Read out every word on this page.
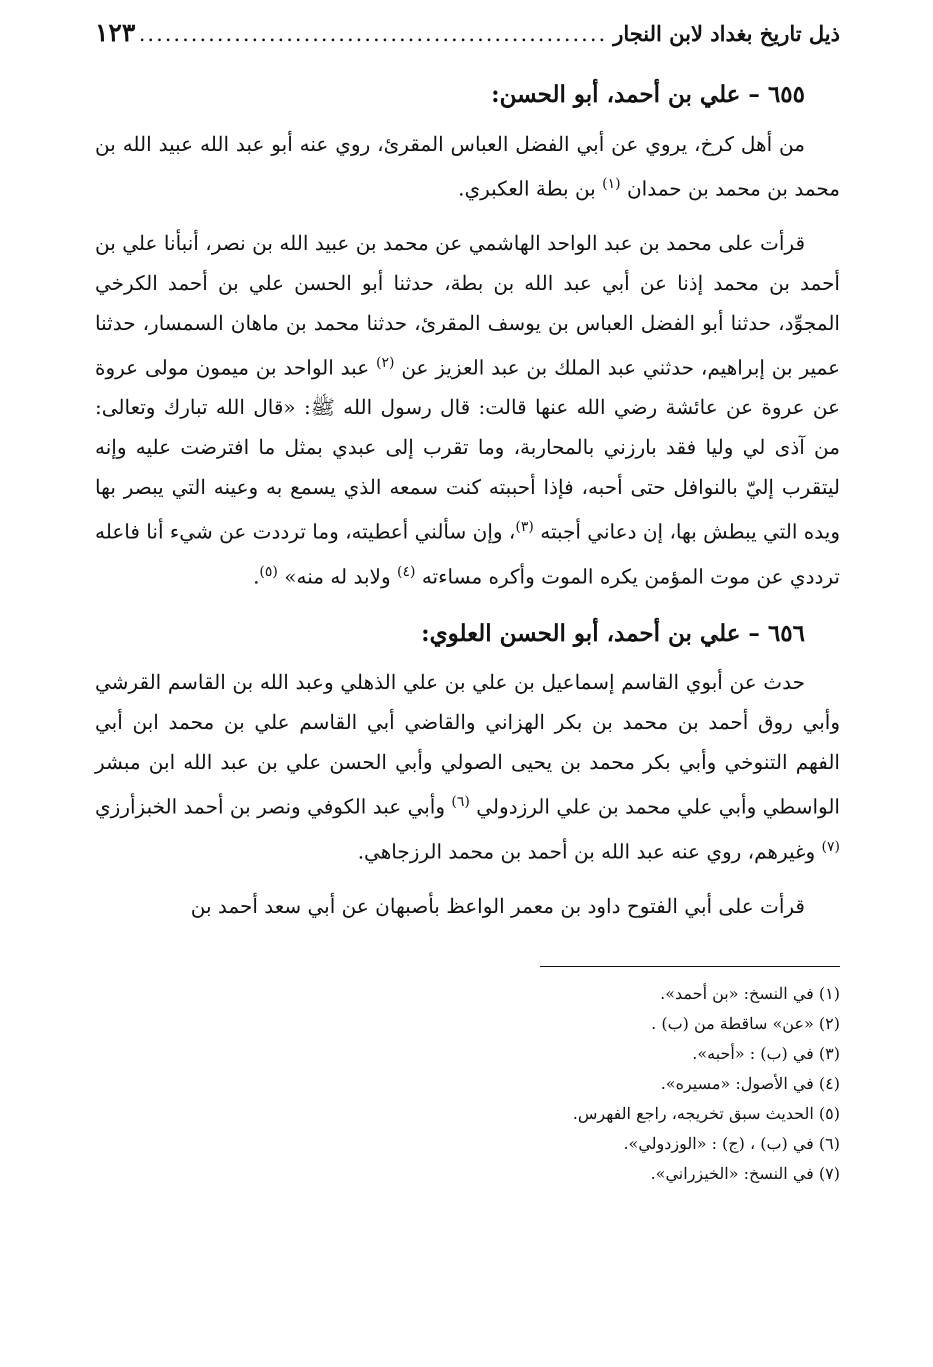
ذيل تاريخ بغداد لابن النجار
.....
١٢٣
٦٥٥ – علي بن أحمد، أبو الحسن:

من أهل كرخ، يروي عن أبي الفضل العباس المقرئ، روي عنه أبو عبد الله عبيد الله بن محمد بن محمد بن حمدان $^{(١)}$ بن بطة العكبري.

قرأت على محمد بن عبد الواحد الهاشمي عن محمد بن عبيد الله بن نصر، أنبأنا علي بن أحمد بن محمد إذنا عن أبي عبد الله بن بطة، حدثنا أبو الحسن علي بن أحمد الكرخي المجوِّد، حدثنا أبو الفضل العباس بن يوسف المقرئ، حدثنا محمد بن ماهان السمسار، حدثنا عمير بن إبراهيم، حدثني عبد الملك بن عبد العزيز عن $^{(٢)}$ عبد الواحد بن ميمون مولى عروة عن عروة عن عائشة رضي الله عنها قالت: قال رسول الله ﷺ: «قال الله تبارك وتعالى: من آذى لي وليا فقد بارزني بالمحاربة، وما تقرب إلى عبدي بمثل ما افترضت عليه وإنه ليتقرب إليّ بالنوافل حتى أحبه، فإذا أحببته كنت سمعه الذي يسمع به وعينه التي يبصر بها ويده التي يبطش بها، إن دعاني أجبته $^{(٣)}$، وإن سألني أعطيته، وما ترددت عن شيء أنا فاعله ترددي عن موت المؤمن يكره الموت وأكره مساءته $^{(٤)}$ ولابد له منه» $^{(٥)}$.

٦٥٦ – علي بن أحمد، أبو الحسن العلوي:

حدث عن أبوي القاسم إسماعيل بن علي بن علي الذهلي وعبد الله بن القاسم القرشي وأبي روق أحمد بن محمد بن بكر الهزاني والقاضي أبي القاسم علي بن محمد ابن أبي الفهم التنوخي وأبي بكر محمد بن يحيى الصولي وأبي الحسن علي بن عبد الله ابن مبشر الواسطي وأبي علي محمد بن علي الرزدولي $^{(٦)}$ وأبي عبد الكوفي ونصر بن أحمد الخبزأرزي $^{(٧)}$ وغيرهم، روي عنه عبد الله بن أحمد بن محمد الرزجاهي.

قرأت على أبي الفتوح داود بن معمر الواعظ بأصبهان عن أبي سعد أحمد بن

(١) في النسخ: «بن أحمد».
(٢) «عن» ساقطة من (ب) .
(٣) في (ب) : «أحبه».
(٤) في الأصول: «مسيره».
(٥) الحديث سبق تخريجه، راجع الفهرس.
(٦) في (ب) ، (ج) : «الوزدولي».
(٧) في النسخ: «الخيزراني».
